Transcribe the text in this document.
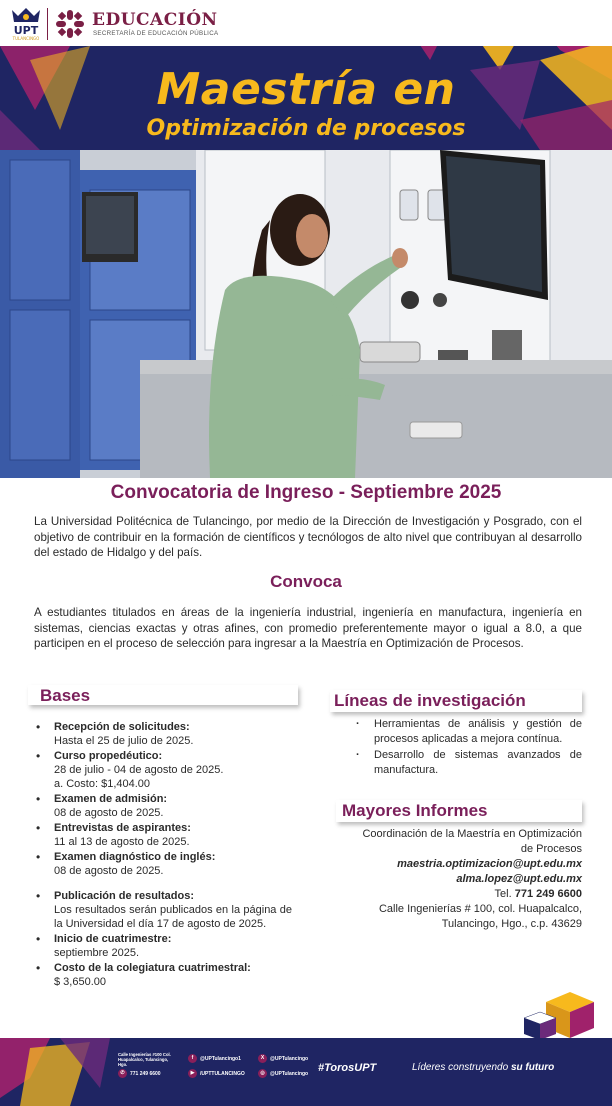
UPT
TULANCINGO
EDUCACIÓN
SECRETARÍA DE EDUCACIÓN PÚBLICA
Maestría en
Optimización de procesos
Convocatoria de Ingreso - Septiembre 2025

La Universidad Politécnica de Tulancingo, por medio de la Dirección de Investigación y Posgrado, con el objetivo de contribuir en la formación de científicos y tecnólogos de alto nivel que contribuyan al desarrollo del estado de Hidalgo y del país.

Convoca

A estudiantes titulados en áreas de la ingeniería industrial, ingeniería en manufactura, ingeniería en sistemas, ciencias exactas y otras afines, con promedio preferentemente mayor o igual a 8.0, a que participen en el proceso de selección para ingresar a la Maestría en Optimización de Procesos.

Bases
• Recepción de solicitudes:
Hasta el 25 de julio de 2025.
• Curso propedéutico:
28 de julio - 04 de agosto de 2025.
a. Costo: $1,404.00
• Examen de admisión:
08 de agosto de 2025.
• Entrevistas de aspirantes:
11 al 13 de agosto de 2025.
• Examen diagnóstico de inglés:
08 de agosto de 2025.
• Publicación de resultados:
Los resultados serán publicados en la página de la Universidad el día 17 de agosto de 2025.
• Inicio de cuatrimestre:
septiembre 2025.
• Costo de la colegiatura cuatrimestral:
$ 3,650.00
Líneas de investigación
· Herramientas de análisis y gestión de procesos aplicadas a mejora contínua.
· Desarrollo de sistemas avanzados de manufactura.
Mayores Informes
Coordinación de la Maestría en Optimización
de Procesos
maestria.optimizacion@upt.edu.mx
alma.lopez@upt.edu.mx
Tel. 771 249 6600
Calle Ingenierías # 100, col. Huapalcalco,
Tulancingo, Hgo., c.p. 43629
Calle Ingenierías #100 Col. Huapalcalco, Tulancingo, Hgo.
✆	771 249 6600
f	@UPTulancingo1
▶	/UPTTULANCINGO
X	@UPTulancingo
◎	@UPTulancingo #TorosUPT	Líderes construyendo su futuro
